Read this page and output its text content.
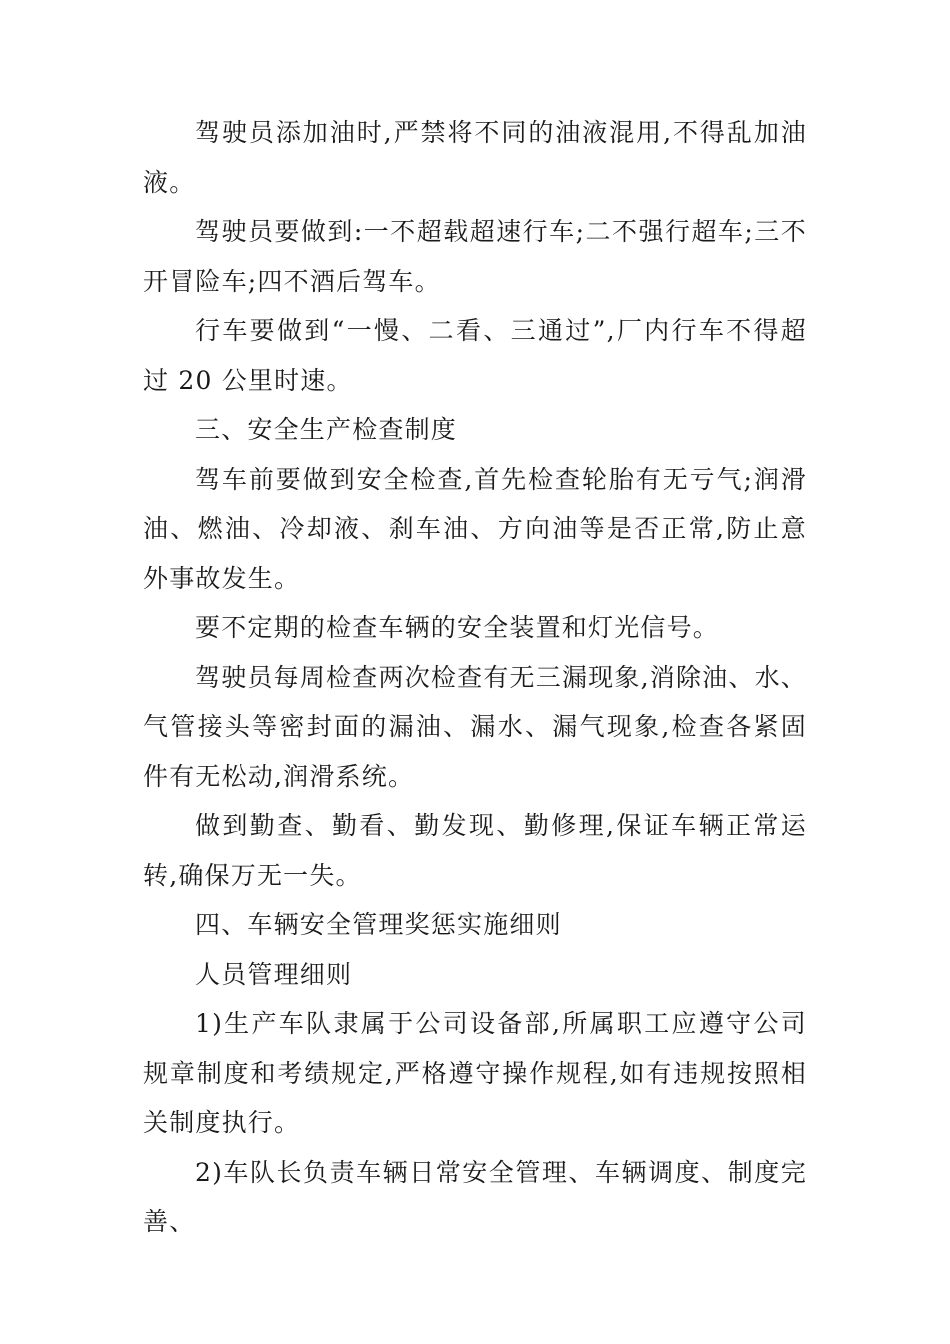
驾驶员添加油时,严禁将不同的油液混用,不得乱加油液。

驾驶员要做到:一不超载超速行车;二不强行超车;三不开冒险车;四不酒后驾车。

行车要做到“一慢、二看、三通过”,厂内行车不得超过 20 公里时速。

三、安全生产检查制度

驾车前要做到安全检查,首先检查轮胎有无亏气;润滑油、燃油、冷却液、刹车油、方向油等是否正常,防止意外事故发生。

要不定期的检查车辆的安全装置和灯光信号。

驾驶员每周检查两次检查有无三漏现象,消除油、水、气管接头等密封面的漏油、漏水、漏气现象,检查各紧固件有无松动,润滑系统。

做到勤查、勤看、勤发现、勤修理,保证车辆正常运转,确保万无一失。

四、车辆安全管理奖惩实施细则

人员管理细则

1)生产车队隶属于公司设备部,所属职工应遵守公司规章制度和考绩规定,严格遵守操作规程,如有违规按照相关制度执行。

2)车队长负责车辆日常安全管理、车辆调度、制度完善、
